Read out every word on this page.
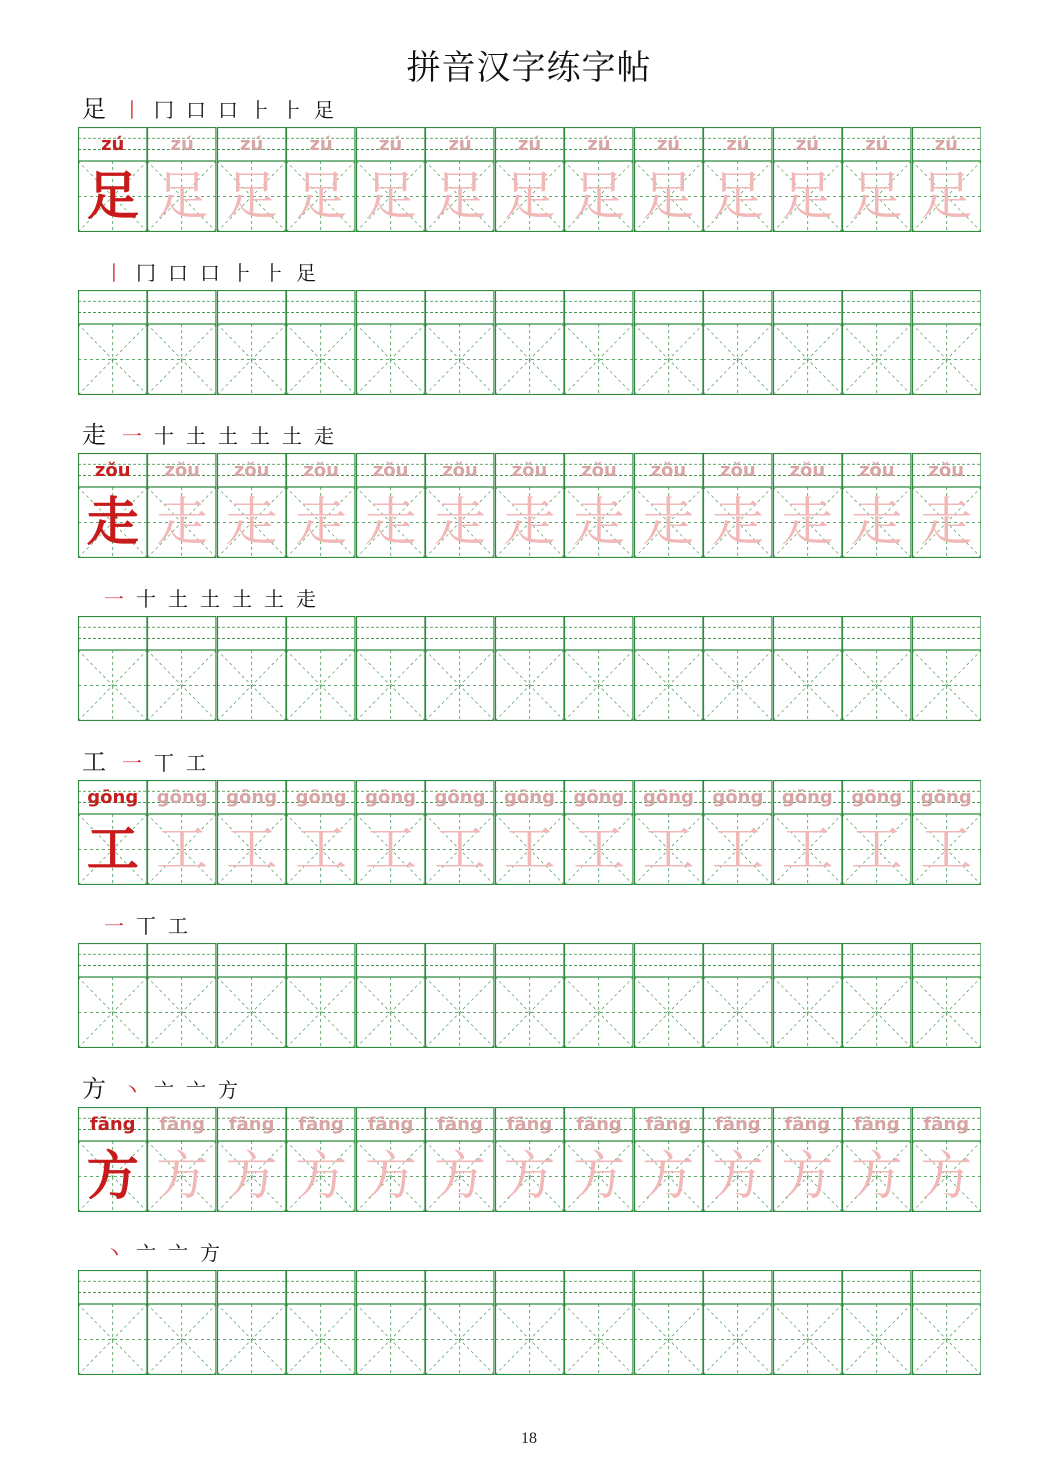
拼音汉字练字帖
足 丨 冂 口 口 ⺊ ⺊ 足
zú
足
zú
足
zú
足
zú
足
zú
足
zú
足
zú
足
zú
足
zú
足
zú
足
zú
足
zú
足
zú
足
丨 冂 口 口 ⺊ ⺊ 足
走 一 十 土 ⼟ ⼟ ⼟ 走
zǒu
走
zǒu
走
zǒu
走
zǒu
走
zǒu
走
zǒu
走
zǒu
走
zǒu
走
zǒu
走
zǒu
走
zǒu
走
zǒu
走
zǒu
走
一 十 土 ⼟ ⼟ ⼟ 走
工 一 丅 工
gōng
工
gōng
工
gōng
工
gōng
工
gōng
工
gōng
工
gōng
工
gōng
工
gōng
工
gōng
工
gōng
工
gōng
工
gōng
工
一 丅 工
方 丶 亠 亠 方
fāng
方
fāng
方
fāng
方
fāng
方
fāng
方
fāng
方
fāng
方
fāng
方
fāng
方
fāng
方
fāng
方
fāng
方
fāng
方
丶 亠 亠 方
18
